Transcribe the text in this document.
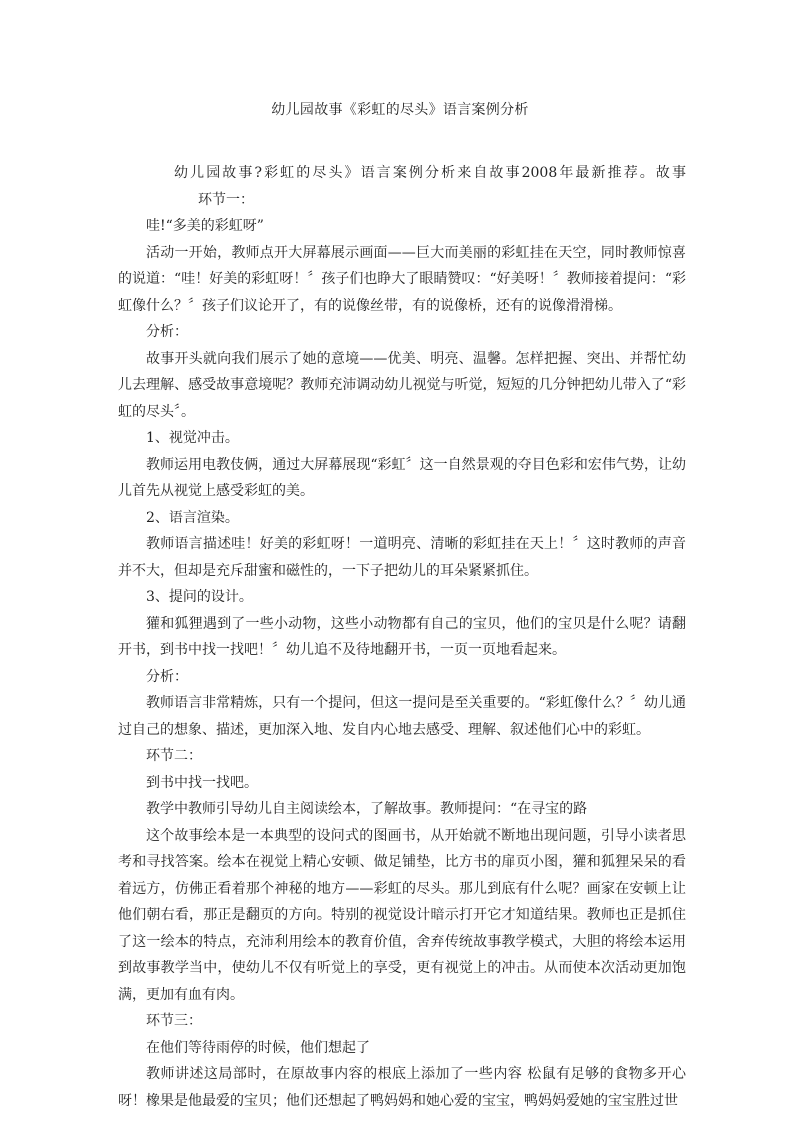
幼儿园故事《彩虹的尽头》语言案例分析

幼儿园故事?彩虹的尽头》语言案例分析来自故事2008年最新推荐。故事环节一：

哇!“多美的彩虹呀”

活动一开始，教师点开大屏幕展示画面——巨大而美丽的彩虹挂在天空，同时教师惊喜的说道：“哇！好美的彩虹呀！〞孩子们也睁大了眼睛赞叹：“好美呀！〞教师接着提问：“彩虹像什么？〞孩子们议论开了，有的说像丝带，有的说像桥，还有的说像滑滑梯。

分析：

故事开头就向我们展示了她的意境——优美、明亮、温馨。怎样把握、突出、并帮忙幼儿去理解、感受故事意境呢？教师充沛调动幼儿视觉与听觉，短短的几分钟把幼儿带入了“彩虹的尽头〞。

1、视觉冲击。

教师运用电教伎俩，通过大屏幕展现“彩虹〞这一自然景观的夺目色彩和宏伟气势，让幼儿首先从视觉上感受彩虹的美。

2、语言渲染。

教师语言描述哇！好美的彩虹呀！一道明亮、清晰的彩虹挂在天上！〞这时教师的声音并不大，但却是充斥甜蜜和磁性的，一下子把幼儿的耳朵紧紧抓住。

3、提问的设计。

獾和狐狸遇到了一些小动物，这些小动物都有自己的宝贝，他们的宝贝是什么呢？请翻开书，到书中找一找吧！〞幼儿追不及待地翻开书，一页一页地看起来。

分析：

教师语言非常精炼，只有一个提问，但这一提问是至关重要的。“彩虹像什么？〞幼儿通过自己的想象、描述，更加深入地、发自内心地去感受、理解、叙述他们心中的彩虹。

环节二：

到书中找一找吧。

教学中教师引导幼儿自主阅读绘本，了解故事。教师提问：“在寻宝的路

这个故事绘本是一本典型的设问式的图画书，从开始就不断地出现问题，引导小读者思考和寻找答案。绘本在视觉上精心安顿、做足铺垫，比方书的扉页小图，獾和狐狸呆呆的看着远方，仿佛正看着那个神秘的地方——彩虹的尽头。那儿到底有什么呢？画家在安顿上让他们朝右看，那正是翻页的方向。特别的视觉设计暗示打开它才知道结果。教师也正是抓住了这一绘本的特点，充沛利用绘本的教育价值，舍弃传统故事教学模式，大胆的将绘本运用到故事教学当中，使幼儿不仅有听觉上的享受，更有视觉上的冲击。从而使本次活动更加饱满，更加有血有肉。

环节三：

在他们等待雨停的时候，他们想起了

教师讲述这局部时，在原故事内容的根底上添加了一些内容 松鼠有足够的食物多开心呀！橡果是他最爱的宝贝；他们还想起了鸭妈妈和她心爱的宝宝，鸭妈妈爱她的宝宝胜过世
